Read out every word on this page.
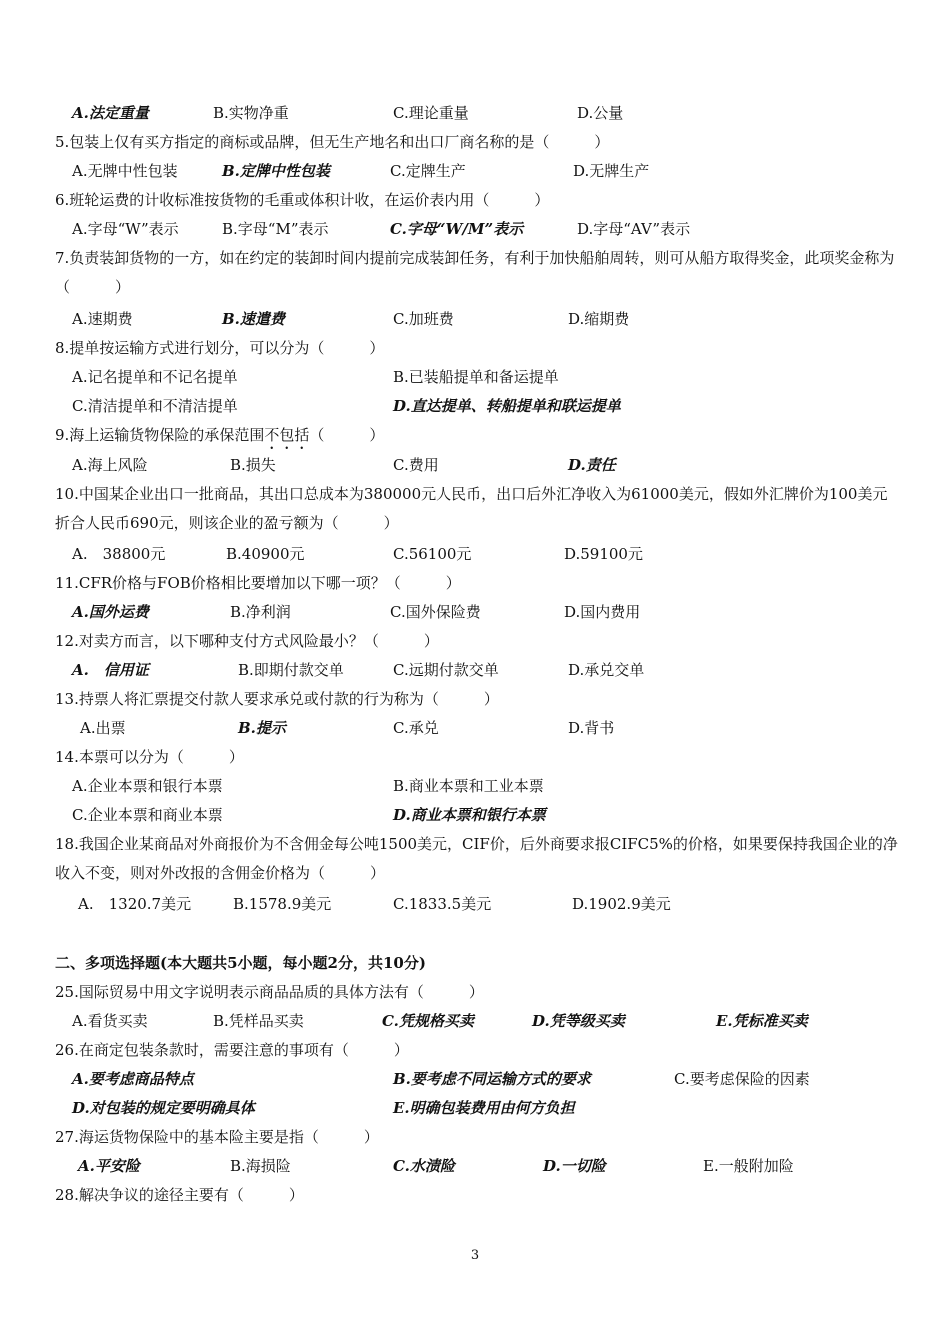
A.法定重量	B.实物净重	C.理论重量	D.公量
5.包装上仅有买方指定的商标或品牌，但无生产地名和出口厂商名称的是（　　　）
A.无牌中性包装	B.定牌中性包装	C.定牌生产	D.无牌生产
6.班轮运费的计收标准按货物的毛重或体积计收，在运价表内用（　　　）
A.字母“W”表示	B.字母“M”表示	C.字母“W/M”表示	D.字母“AV”表示
7.负责装卸货物的一方，如在约定的装卸时间内提前完成装卸任务，有利于加快船舶周转，则可从船方取得奖金，此项奖金称为（　　　）
A.速期费	B.速遣费	C.加班费	D.缩期费
8.提单按运输方式进行划分，可以分为（　　　）
A.记名提单和不记名提单	B.已装船提单和备运提单
C.清洁提单和不清洁提单	D.直达提单、转船提单和联运提单
9.海上运输货物保险的承保范围不包括（　　　）
A.海上风险	B.损失	C.费用	D.责任
10.中国某企业出口一批商品，其出口总成本为380000元人民币，出口后外汇净收入为61000美元，假如外汇牌价为100美元折合人民币690元，则该企业的盈亏额为（　　　）
A.　38800元	B.40900元	C.56100元	D.59100元
11.CFR价格与FOB价格相比要增加以下哪一项？（　　　）
A.国外运费	B.净利润	C.国外保险费	D.国内费用
12.对卖方而言，以下哪种支付方式风险最小？（　　　）
A.　信用证	B.即期付款交单	C.远期付款交单	D.承兑交单
13.持票人将汇票提交付款人要求承兑或付款的行为称为（　　　）
A.出票	B.提示	C.承兑	D.背书
14.本票可以分为（　　　）
A.企业本票和银行本票	B.商业本票和工业本票
C.企业本票和商业本票	D.商业本票和银行本票
18.我国企业某商品对外商报价为不含佣金每公吨1500美元，CIF价，后外商要求报CIFC5%的价格，如果要保持我国企业的净收入不变，则对外改报的含佣金价格为（　　　）
A.　1320.7美元	B.1578.9美元	C.1833.5美元	D.1902.9美元
二、多项选择题(本大题共5小题，每小题2分，共10分)
25.国际贸易中用文字说明表示商品品质的具体方法有（　　　）
A.看货买卖	B.凭样品买卖	C.凭规格买卖	D.凭等级买卖	E.凭标准买卖
26.在商定包装条款时，需要注意的事项有（　　　）
A.要考虑商品特点	B.要考虑不同运输方式的要求	C.要考虑保险的因素
D.对包装的规定要明确具体	E.明确包装费用由何方负担
27.海运货物保险中的基本险主要是指（　　　）
A.平安险	B.海损险	C.水渍险	D.一切险	E.一般附加险
28.解决争议的途径主要有（　　　）
3
